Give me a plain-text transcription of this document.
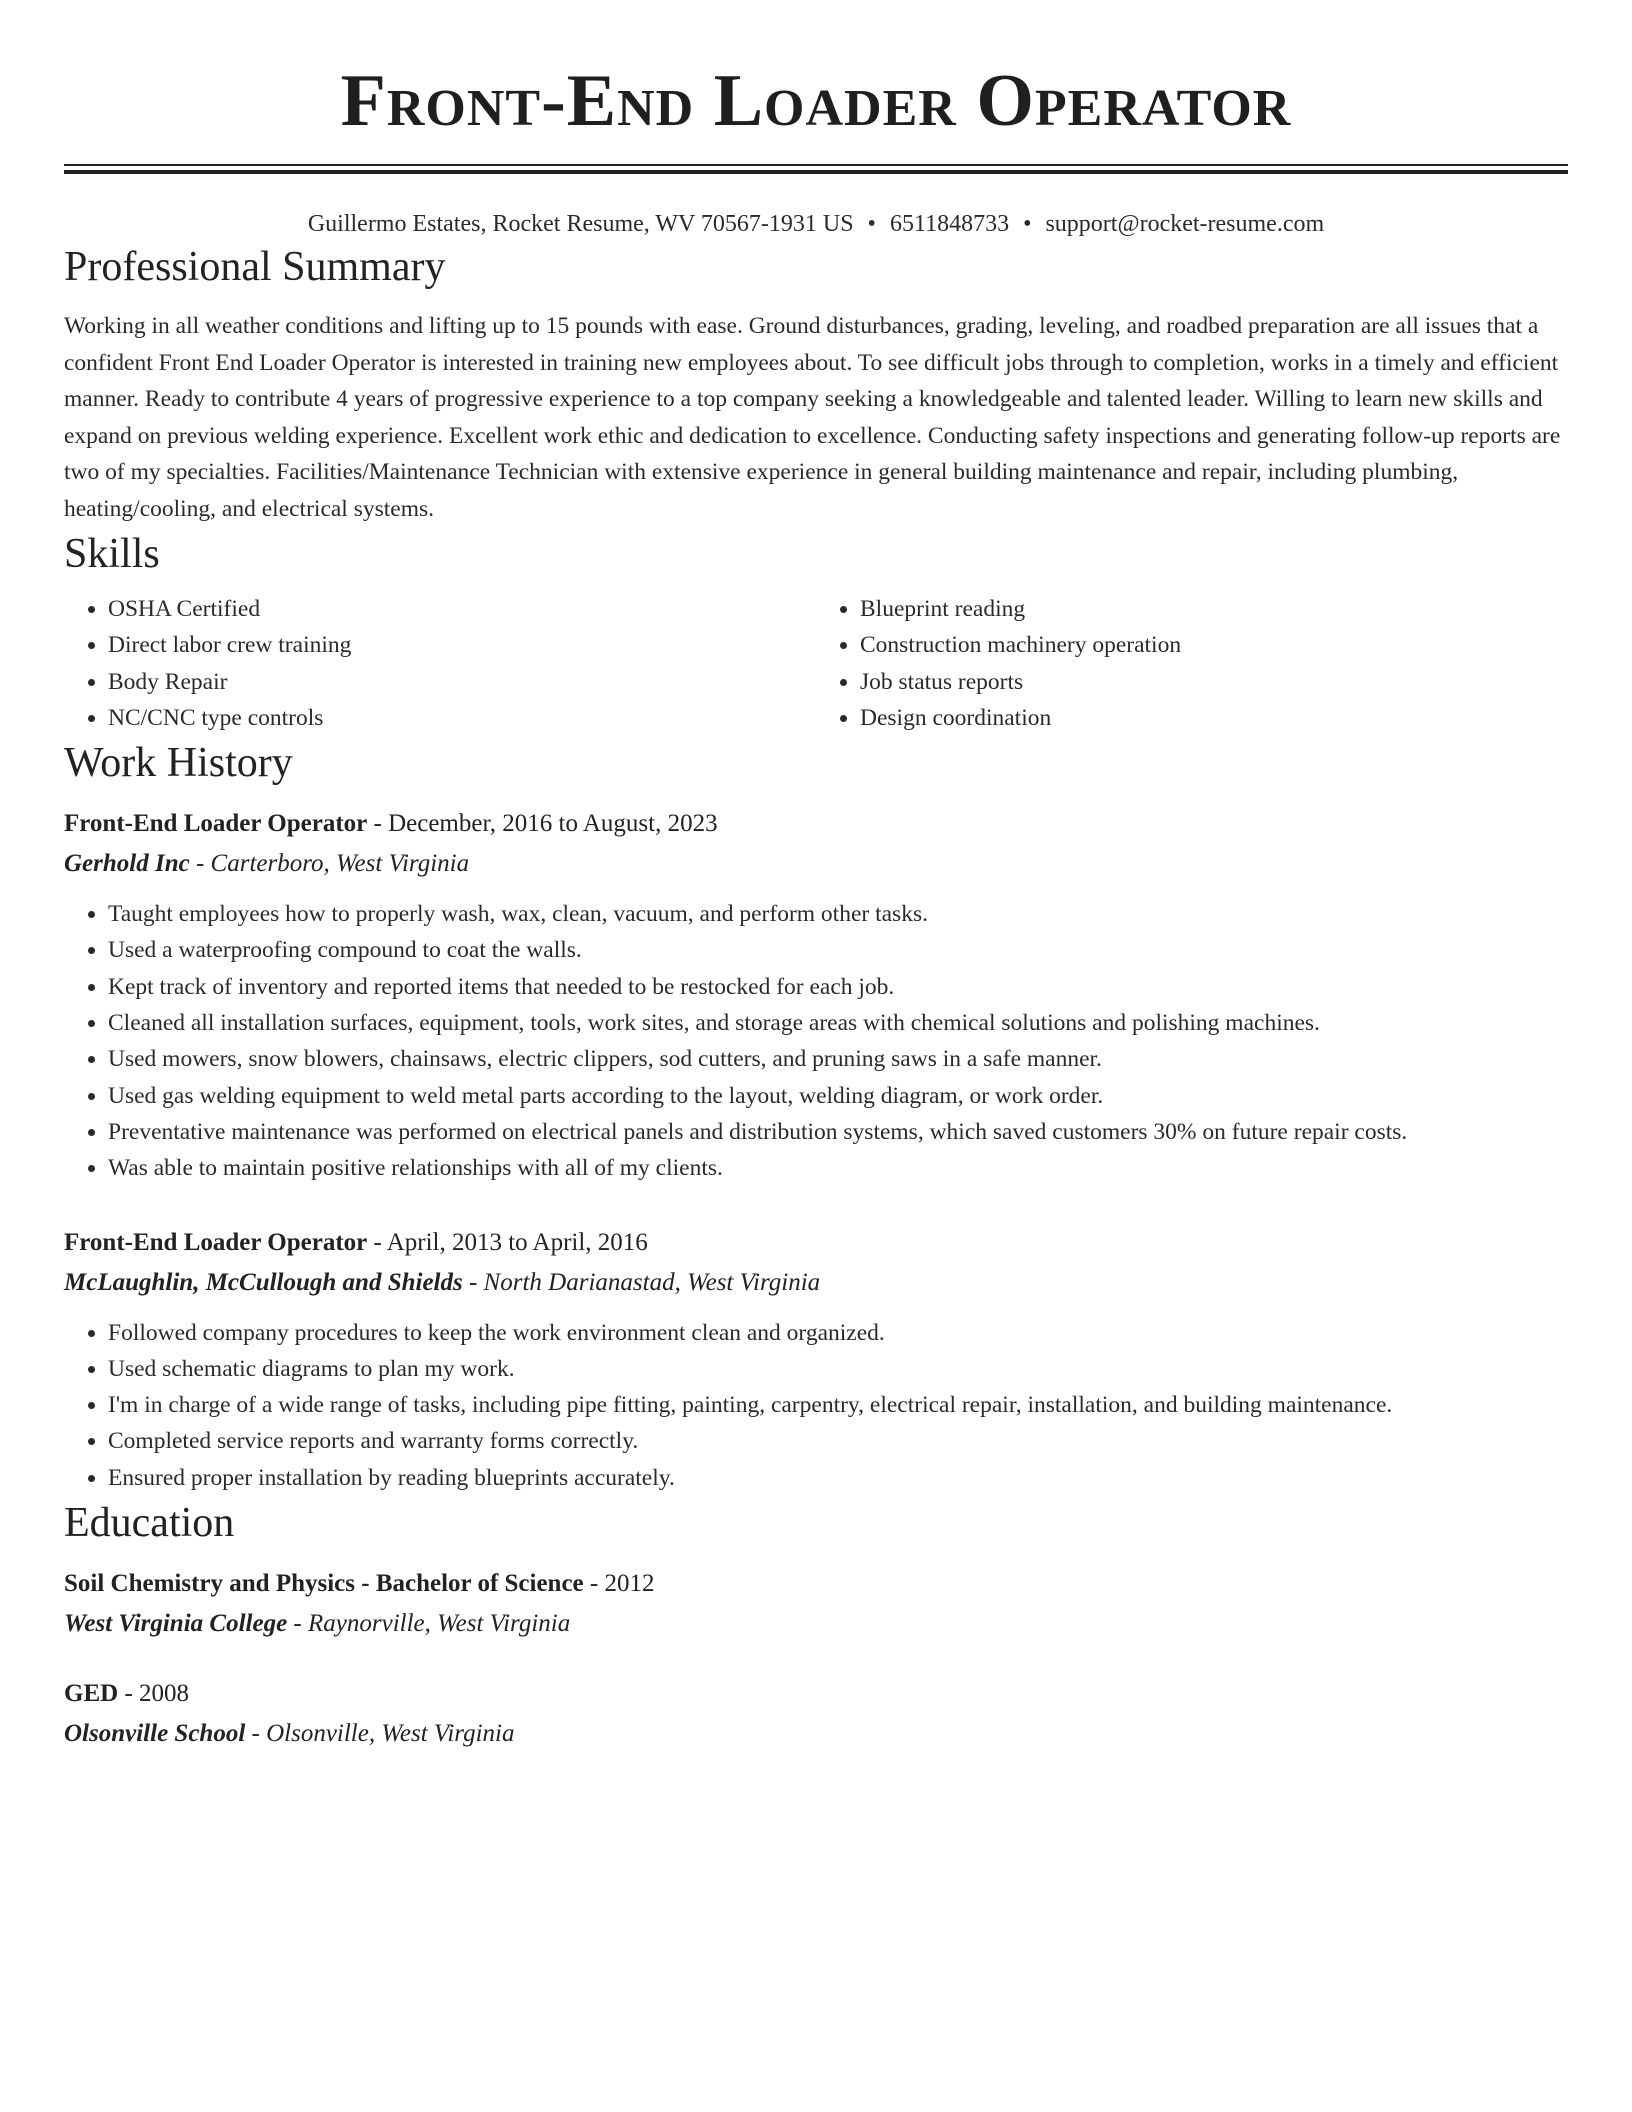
Front-End Loader Operator
Guillermo Estates, Rocket Resume, WV 70567-1931 US • 6511848733 • support@rocket-resume.com
Professional Summary

Working in all weather conditions and lifting up to 15 pounds with ease. Ground disturbances, grading, leveling, and roadbed preparation are all issues that a confident Front End Loader Operator is interested in training new employees about. To see difficult jobs through to completion, works in a timely and efficient manner. Ready to contribute 4 years of progressive experience to a top company seeking a knowledgeable and talented leader. Willing to learn new skills and expand on previous welding experience. Excellent work ethic and dedication to excellence. Conducting safety inspections and generating follow-up reports are two of my specialties. Facilities/Maintenance Technician with extensive experience in general building maintenance and repair, including plumbing, heating/cooling, and electrical systems.

Skills
• OSHA Certified
• Direct labor crew training
• Body Repair
• NC/CNC type controls
• Blueprint reading
• Construction machinery operation
• Job status reports
• Design coordination
Work History
Front-End Loader Operator - December, 2016 to August, 2023
Gerhold Inc - Carterboro, West Virginia
• Taught employees how to properly wash, wax, clean, vacuum, and perform other tasks.
• Used a waterproofing compound to coat the walls.
• Kept track of inventory and reported items that needed to be restocked for each job.
• Cleaned all installation surfaces, equipment, tools, work sites, and storage areas with chemical solutions and polishing machines.
• Used mowers, snow blowers, chainsaws, electric clippers, sod cutters, and pruning saws in a safe manner.
• Used gas welding equipment to weld metal parts according to the layout, welding diagram, or work order.
• Preventative maintenance was performed on electrical panels and distribution systems, which saved customers 30% on future repair costs.
• Was able to maintain positive relationships with all of my clients.
Front-End Loader Operator - April, 2013 to April, 2016
McLaughlin, McCullough and Shields - North Darianastad, West Virginia
• Followed company procedures to keep the work environment clean and organized.
• Used schematic diagrams to plan my work.
• I'm in charge of a wide range of tasks, including pipe fitting, painting, carpentry, electrical repair, installation, and building maintenance.
• Completed service reports and warranty forms correctly.
• Ensured proper installation by reading blueprints accurately.
Education
Soil Chemistry and Physics - Bachelor of Science - 2012
West Virginia College - Raynorville, West Virginia
GED - 2008
Olsonville School - Olsonville, West Virginia
